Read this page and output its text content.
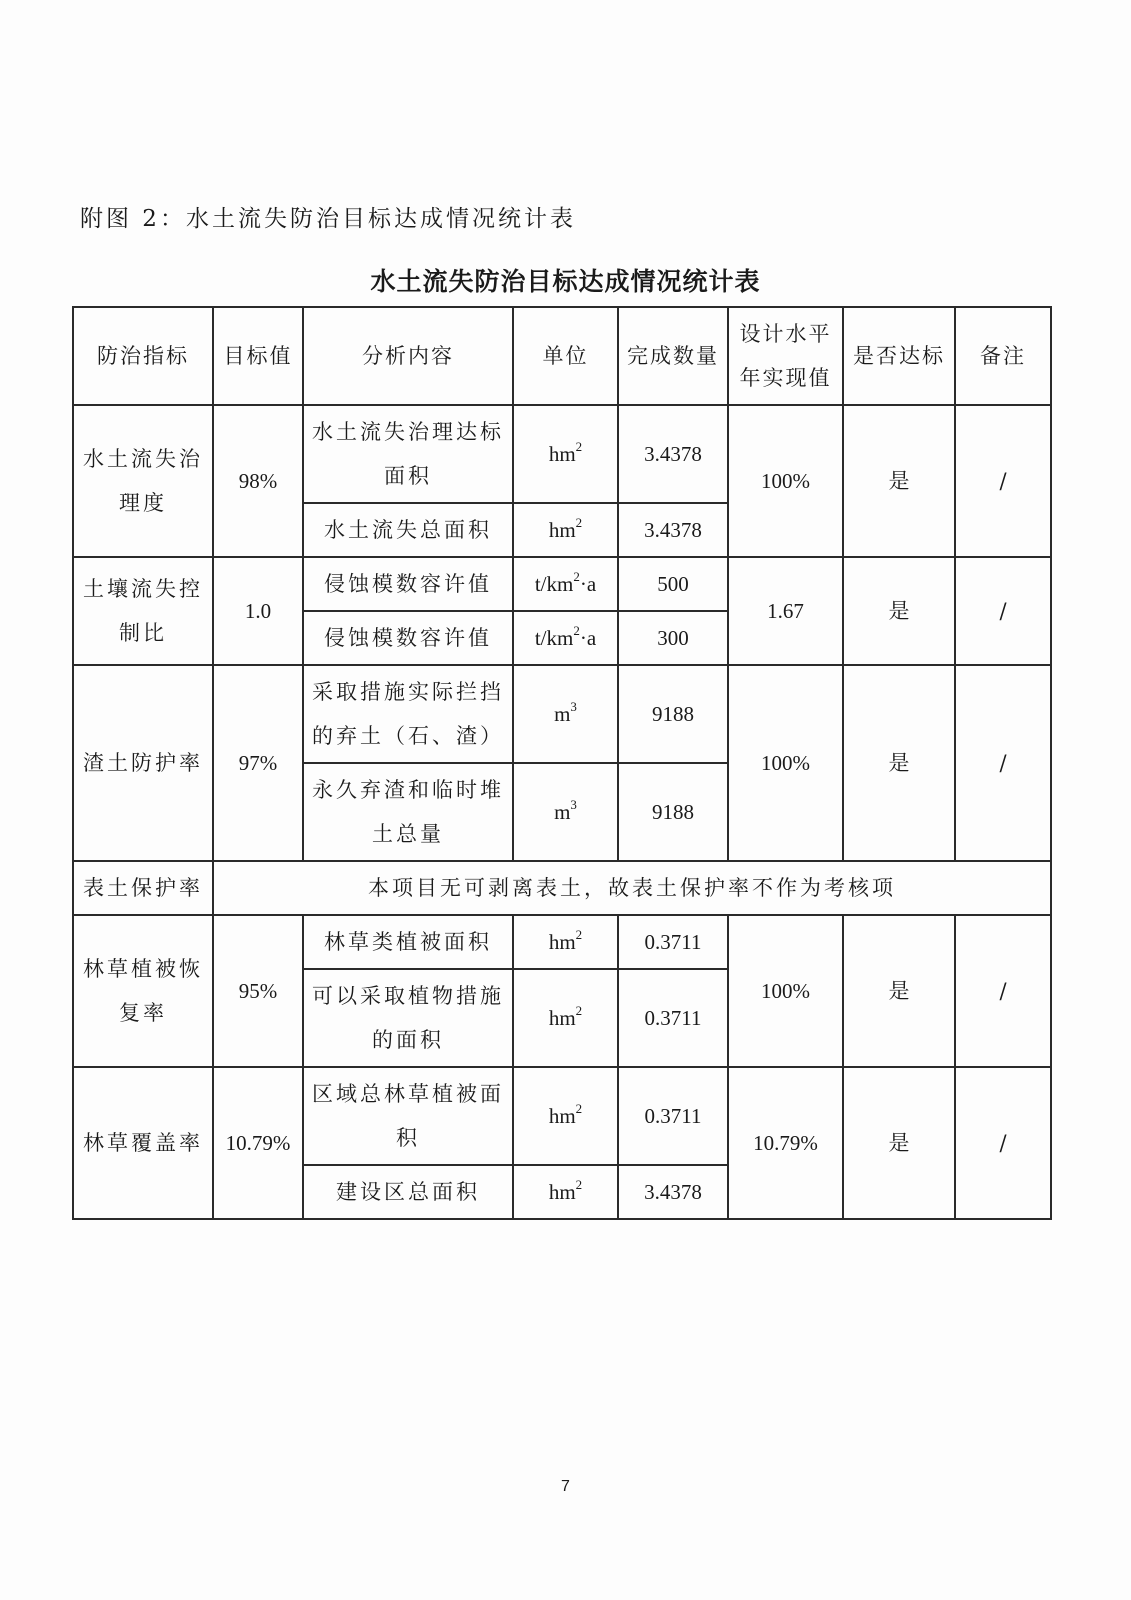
附图 2：水土流失防治目标达成情况统计表
水土流失防治目标达成情况统计表
防治指标	目标值	分析内容	单位	完成数量	设计水平年实现值	是否达标	备注
水土流失治理度	98%	水土流失治理达标面积	$hm^2$	3.4378	100%	是	/
		水土流失总面积	$hm^2$	3.4378			
土壤流失控制比	1.0	侵蚀模数容许值	$t/km^2\cdot a$	500	1.67	是	/
		侵蚀模数容许值	$t/km^2\cdot a$	300			
渣土防护率	97%	采取措施实际拦挡的弃土（石、渣）	$m^3$	9188	100%	是	/
		永久弃渣和临时堆土总量	$m^3$	9188			
表土保护率	本项目无可剥离表土，故表土保护率不作为考核项						
林草植被恢复率	95%	林草类植被面积	$hm^2$	0.3711	100%	是	/
		可以采取植物措施的面积	$hm^2$	0.3711			
林草覆盖率	10.79%	区域总林草植被面积	$hm^2$	0.3711	10.79%	是	/
		建设区总面积	$hm^2$	3.4378			
7
